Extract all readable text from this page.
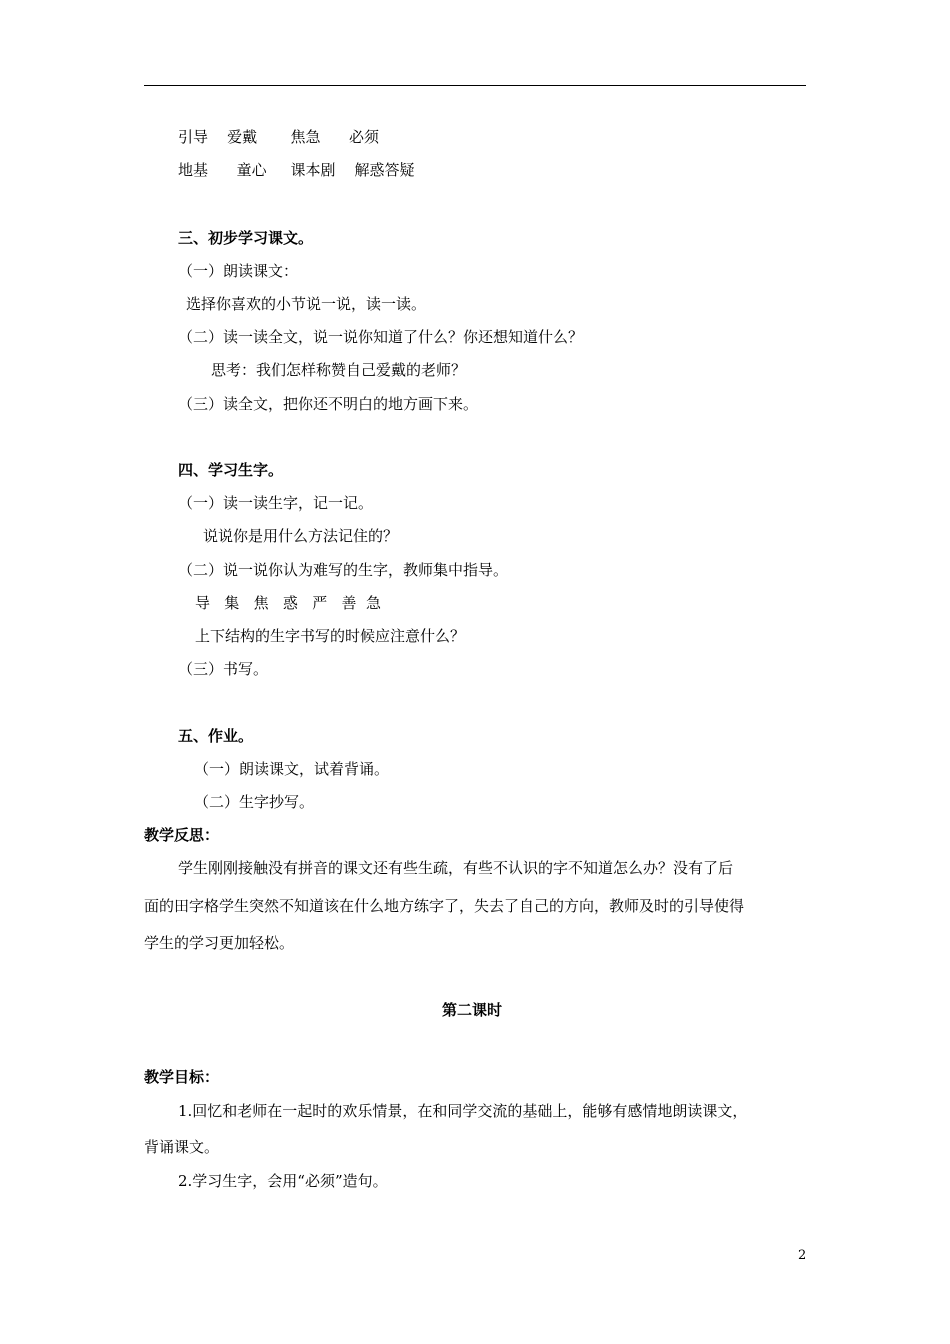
引导    爱戴       焦急      必须
地基      童心     课本剧    解惑答疑
三、初步学习课文。
（一）朗读课文：
选择你喜欢的小节说一说，读一读。
（二）读一读全文，说一说你知道了什么？你还想知道什么？
思考：我们怎样称赞自己爱戴的老师？
（三）读全文，把你还不明白的地方画下来。
四、学习生字。
（一）读一读生字，记一记。
说说你是用什么方法记住的？
（二）说一说你认为难写的生字，教师集中指导。
导   集   焦   惑   严   善  急
上下结构的生字书写的时候应注意什么？
（三）书写。
五、作业。
（一）朗读课文，试着背诵。
（二）生字抄写。
教学反思：
学生刚刚接触没有拼音的课文还有些生疏，有些不认识的字不知道怎么办？没有了后
面的田字格学生突然不知道该在什么地方练字了，失去了自己的方向，教师及时的引导使得
学生的学习更加轻松。
第二课时
教学目标：
1.回忆和老师在一起时的欢乐情景，在和同学交流的基础上，能够有感情地朗读课文，
背诵课文。
2.学习生字，会用“必须”造句。
2
